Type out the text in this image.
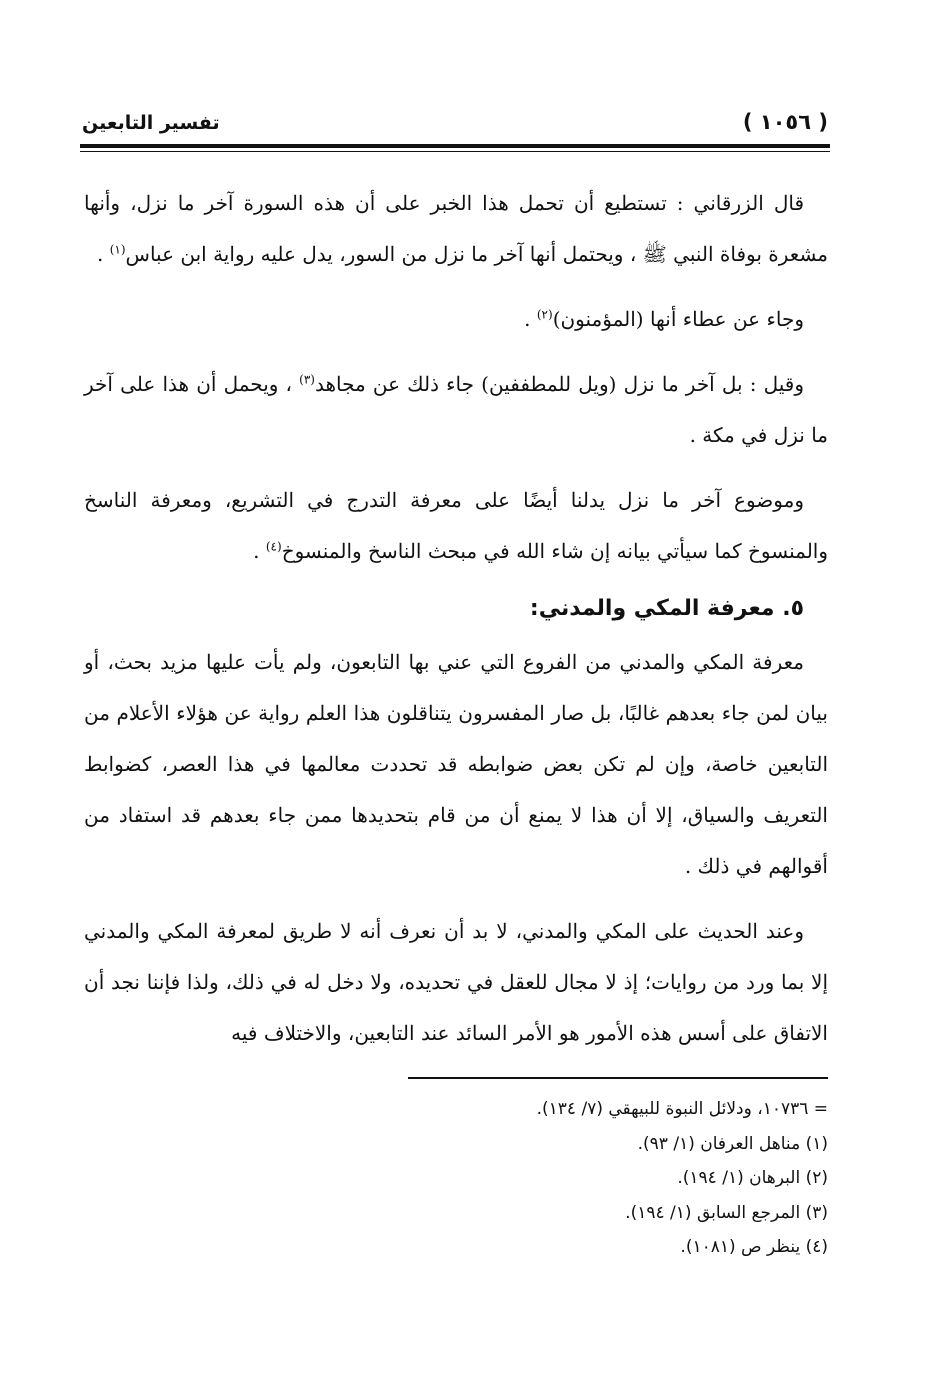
تفسير التابعين	( ١٠٥٦ )

قال الزرقاني : تستطيع أن تحمل هذا الخبر على أن هذه السورة آخر ما نزل، وأنها مشعرة بوفاة النبي ﷺ ، ويحتمل أنها آخر ما نزل من السور، يدل عليه رواية ابن عباس$^{(١)}$ .

وجاء عن عطاء أنها (المؤمنون)$^{(٢)}$ .

وقيل : بل آخر ما نزل (ويل للمطففين) جاء ذلك عن مجاهد$^{(٣)}$ ، ويحمل أن هذا على آخر ما نزل في مكة .

وموضوع آخر ما نزل يدلنا أيضًا على معرفة التدرج في التشريع، ومعرفة الناسخ والمنسوخ كما سيأتي بيانه إن شاء الله في مبحث الناسخ والمنسوخ$^{(٤)}$ .

٥. معرفة المكي والمدني:

معرفة المكي والمدني من الفروع التي عني بها التابعون، ولم يأت عليها مزيد بحث، أو بيان لمن جاء بعدهم غالبًا، بل صار المفسرون يتناقلون هذا العلم رواية عن هؤلاء الأعلام من التابعين خاصة، وإن لم تكن بعض ضوابطه قد تحددت معالمها في هذا العصر، كضوابط التعريف والسياق، إلا أن هذا لا يمنع أن من قام بتحديدها ممن جاء بعدهم قد استفاد من أقوالهم في ذلك .

وعند الحديث على المكي والمدني، لا بد أن نعرف أنه لا طريق لمعرفة المكي والمدني إلا بما ورد من روايات؛ إذ لا مجال للعقل في تحديده، ولا دخل له في ذلك، ولذا فإننا نجد أن الاتفاق على أسس هذه الأمور هو الأمر السائد عند التابعين، والاختلاف فيه

= ١٠٧٣٦، ودلائل النبوة للبيهقي (٧/ ١٣٤).

(١) مناهل العرفان (١/ ٩٣).

(٢) البرهان (١/ ١٩٤).

(٣) المرجع السابق (١/ ١٩٤).

(٤) ينظر ص (١٠٨١).
